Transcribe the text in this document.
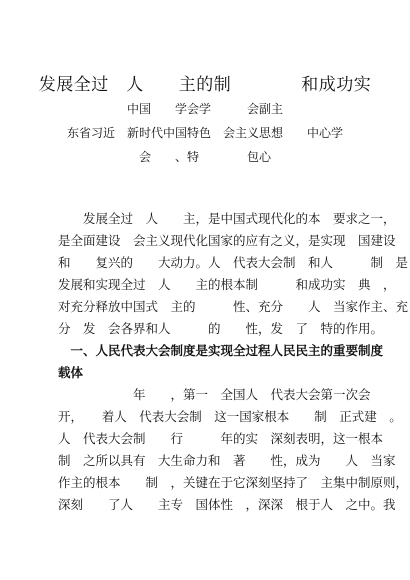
发展全过　人　　主的制　　　　和成功实
中国　　学会学　　　会副主
东省习近　新时代中国特色　会主义思想　　中心学
会　　、特　　　　包心
　　发展全过　人　　主，是中国式现代化的本　要求之一，
是全面建设　会主义现代化国家的应有之义，是实现　国建设
和　　复兴的　　大动力。人　代表大会制　和人　　　制　是
发展和实现全过　人　　主的根本制　　　和成功实　典　，
对充分释放中国式　主的　　　性、充分　　人　当家作主、充
分　发　会各界和人　　　的　　性，发　了　特的作用。
　一、人民代表大会制度是实现全过程人民民主的重要制度
载体
　　　　　　年　　，第一　全国人　代表大会第一次会
开，　　着人　代表大会制　这一国家根本　　制　正式建　。
人　代表大会制　　行　　　年的实　深刻表明，这一根本
制　之所以具有　大生命力和　著　　性，成为　　人　当家
作主的根本　　制　，关键在于它深刻坚持了　主集中制原则，
深刻　　了人　　主专　国体性　，深深　根于人　之中。我
